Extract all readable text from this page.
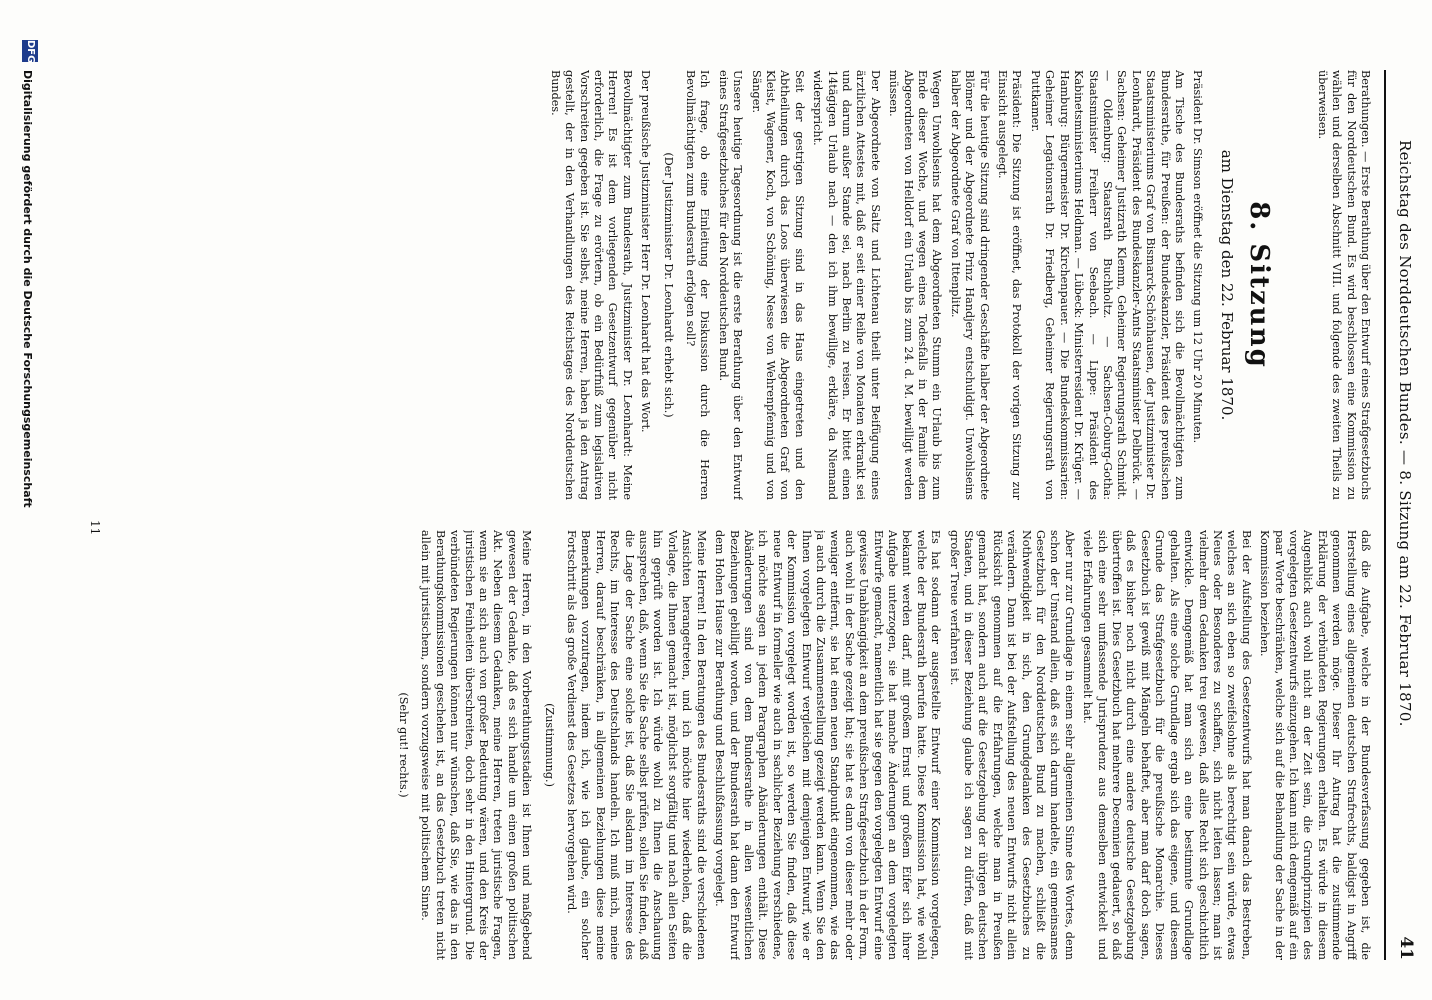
Reichstag des Norddeutschen Bundes. — 8. Sitzung am 22. Februar 1870.
41

Berathungen. — Erste Berathung über den Entwurf eines Strafgesetzbuchs für den Norddeutschen Bund. Es wird beschlossen eine Kommission zu wählen und derselben Abschnitt VIII. und folgende des zweiten Theils zu überweisen.

8. Sitzung
am Dienstag den 22. Februar 1870.

Präsident Dr. Simson eröffnet die Sitzung um 12 Uhr 20 Minuten.

Am Tische des Bundesraths befinden sich die Bevollmächtigten zum Bundesrathe, für Preußen: der Bundeskanzler, Präsident des preußischen Staatsministeriums Graf von Bismarck-Schönhausen, der Justizminister Dr. Leonhardt, Präsident des Bundeskanzler-Amts Staatsminister Delbrück. — Sachsen: Geheimer Justizrath Klemm, Geheimer Regierungsrath Schmidt. — Oldenburg: Staatsrath Buchholtz. — Sachsen-Coburg-Gotha: Staatsminister Freiherr von Seebach. — Lippe: Präsident des Kabinetsministeriums Heldman. — Lübeck: Ministerresident Dr. Krüger. — Hamburg: Bürgermeister Dr. Kirchenpauer. — Die Bundeskommissarien: Geheimer Legationsrath Dr. Friedberg, Geheimer Regierungsrath von Puttkamer.

Präsident: Die Sitzung ist eröffnet, das Protokoll der vorigen Sitzung zur Einsicht ausgelegt.

Für die heutige Sitzung sind dringender Geschäfte halber der Abgeordnete Blömer und der Abgeordnete Prinz Handjery entschuldigt. Unwohlseins halber der Abgeordnete Graf von Ittenplitz.

Wegen Unwohlseins hat dem Abgeordneten Stumm ein Urlaub bis zum Ende dieser Woche, und wegen eines Todesfalls in der Familie dem Abgeordneten von Helldorf ein Urlaub bis zum 24. d. M. bewilligt werden müssen.

Der Abgeordnete von Saltz und Lichtenau theilt unter Beifügung eines ärztlichen Attestes mit, daß er seit einer Reihe von Monaten erkrankt sei und darum außer Stande sei, nach Berlin zu reisen. Er bittet einen 14tägigen Urlaub nach — den ich ihm bewillige, erkläre, da Niemand widerspricht.

Seit der gestrigen Sitzung sind in das Haus eingetreten und den Abtheilungen durch das Loos überwiesen die Abgeordneten Graf von Kleist, Wagener, Koch, von Schöning, Nesse von Wehrenpfennig und von Sänger.

Unsere heutige Tagesordnung ist die erste Berathung über den Entwurf eines Strafgesetzbuches für den Norddeutschen Bund.

Ich frage, ob eine Einleitung der Diskussion durch die Herren Bevollmächtigten zum Bundesrath erfolgen soll?

(Der Justizminister Dr. Leonhardt erhebt sich.)

Der preußische Justizminister Herr Dr. Leonhardt hat das Wort.

Bevollmächtigter zum Bundesrath, Justizminister Dr. Leonhardt: Meine Herren! Es ist dem vorliegenden Gesetzentwurf gegenüber nicht erforderlich, die Frage zu erörtern, ob ein Bedürfniß zum legislativen Vorschreiten gegeben ist. Sie selbst, meine Herren, haben ja den Antrag gestellt, der in den Verhandlungen des Reichstages des Norddeutschen Bundes.

daß die Aufgabe, welche in der Bundesverfassung gegeben ist, die Herstellung eines allgemeinen deutschen Strafrechts, baldigst in Angriff genommen werden möge. Dieser Ihr Antrag hat die zustimmende Erklärung der verbündeten Regierungen erhalten. Es würde in diesem Augenblick auch wohl nicht an der Zeit sein, die Grundprinzipien des vorgelegten Gesetzentwurfs einzugehen. Ich kann mich demgemäß auf ein paar Worte beschränken, welche sich auf die Behandlung der Sache in der Kommission beziehen.

Bei der Aufstellung des Gesetzentwurfs hat man danach das Bestreben, welches an sich eben so zweifelsohne als berechtigt sein würde, etwas Neues oder Besonderes zu schaffen, sich nicht leiten lassen; man ist vielmehr dem Gedanken treu gewesen, daß alles Recht sich geschichtlich entwickle. Demgemäß hat man sich an eine bestimmte Grundlage gehalten. Als eine solche Grundlage ergab sich das eigene, und diesem Grunde das Strafgesetzbuch für die preußische Monarchie. Dieses Gesetzbuch ist gewiß mit Mängeln behaftet, aber man darf doch sagen, daß es bisher noch nicht durch eine andere deutsche Gesetzgebung übertroffen ist. Dies Gesetzbuch hat mehrere Decennien gedauert, so daß sich eine sehr umfassende Jurisprudenz aus demselben entwickelt und viele Erfahrungen gesammelt hat.

Aber nur zur Grundlage in einem sehr allgemeinen Sinne des Wortes, denn schon der Umstand allein, daß es sich darum handelte, ein gemeinsames Gesetzbuch für den Norddeutschen Bund zu machen, schließt die Nothwendigkeit in sich, den Grundgedanken des Gesetzbuches zu verändern. Dann ist bei der Aufstellung des neuen Entwurfs nicht allein Rücksicht genommen auf die Erfahrungen, welche man in Preußen gemacht hat, sondern auch auf die Gesetzgebung der übrigen deutschen Staaten, und in dieser Beziehung glaube ich sagen zu dürfen, daß mit großer Treue verfahren ist.

Es hat sodann der ausgestellte Entwurf einer Kommission vorgelegen, welche der Bundesrath berufen hatte. Diese Kommission hat, wie wohl bekannt werden darf, mit großem Ernst und großem Eifer sich ihrer Aufgabe unterzogen, sie hat manche Änderungen an dem vorgelegten Entwurfe gemacht, namentlich hat sie gegen den vorgelegten Entwurf eine gewisse Unabhängigkeit an dem preußischen Strafgesetzbuch in der Form, auch wohl in der Sache gezeigt hat; sie hat es dann von dieser mehr oder weniger entfernt, sie hat einen neuen Standpunkt eingenommen, wie das ja auch durch die Zusammenstellung gezeigt werden kann. Wenn Sie den Ihnen vorgelegten Entwurf vergleichen mit demjenigen Entwurf, wie er der Kommission vorgelegt worden ist, so werden Sie finden, daß diese neue Entwurf in formeller wie auch in sachlicher Beziehung verschiedene, ich möchte sagen in jedem Paragraphen Abänderungen enthält. Diese Abänderungen sind von dem Bundesrathe in allen wesentlichen Beziehungen gebilligt worden, und der Bundesrath hat dann den Entwurf dem Hohen Hause zur Berathung und Beschlußfassung vorgelegt.

Meine Herren! In den Beratungen des Bundesraths sind die verschiedenen Ansichten herangetreten, und ich möchte hier wiederholen, daß die Vorlage, die Ihnen gemacht ist, möglichst sorgfältig und nach allen Seiten hin geprüft worden ist. Ich würde wohl zu Ihnen die Anschauung aussprechen, daß, wenn Sie die Sache selbst prüfen, sollen Sie finden, daß die Lage der Sache eine solche ist, daß Sie alsdann im Interesse des Rechts, im Interesse des Deutschlands handeln. Ich muß mich, meine Herren, darauf beschränken, in allgemeinen Beziehungen diese meine Bemerkungen vorzutragen, indem ich, wie ich glaube, ein solcher Fortschritt als das große Verdienst des Gesetzes hervorgehen wird.

(Zustimmung.)

Meine Herren, in den Vorberathungsstadien ist Ihnen und maßgebend gewesen der Gedanke, daß es sich handle um einen großen politischen Akt. Neben diesem Gedanken, meine Herren, treten juristische Fragen, wenn sie an sich auch von großer Bedeutung wären, und den Kreis der juristischen Feinheiten überschreiten, doch sehr in den Hintergrund. Die verbündeten Regierungen können nur wünschen, daß Sie, wie das in den Berathungskommissionen geschehen ist, an das Gesetzbuch treten nicht allein mit juristischem, sondern vorzugsweise mit politischem Sinne.

(Sehr gut! rechts.)

11
DFG
Digitalisierung gefördert durch die Deutsche Forschungsgemeinschaft
